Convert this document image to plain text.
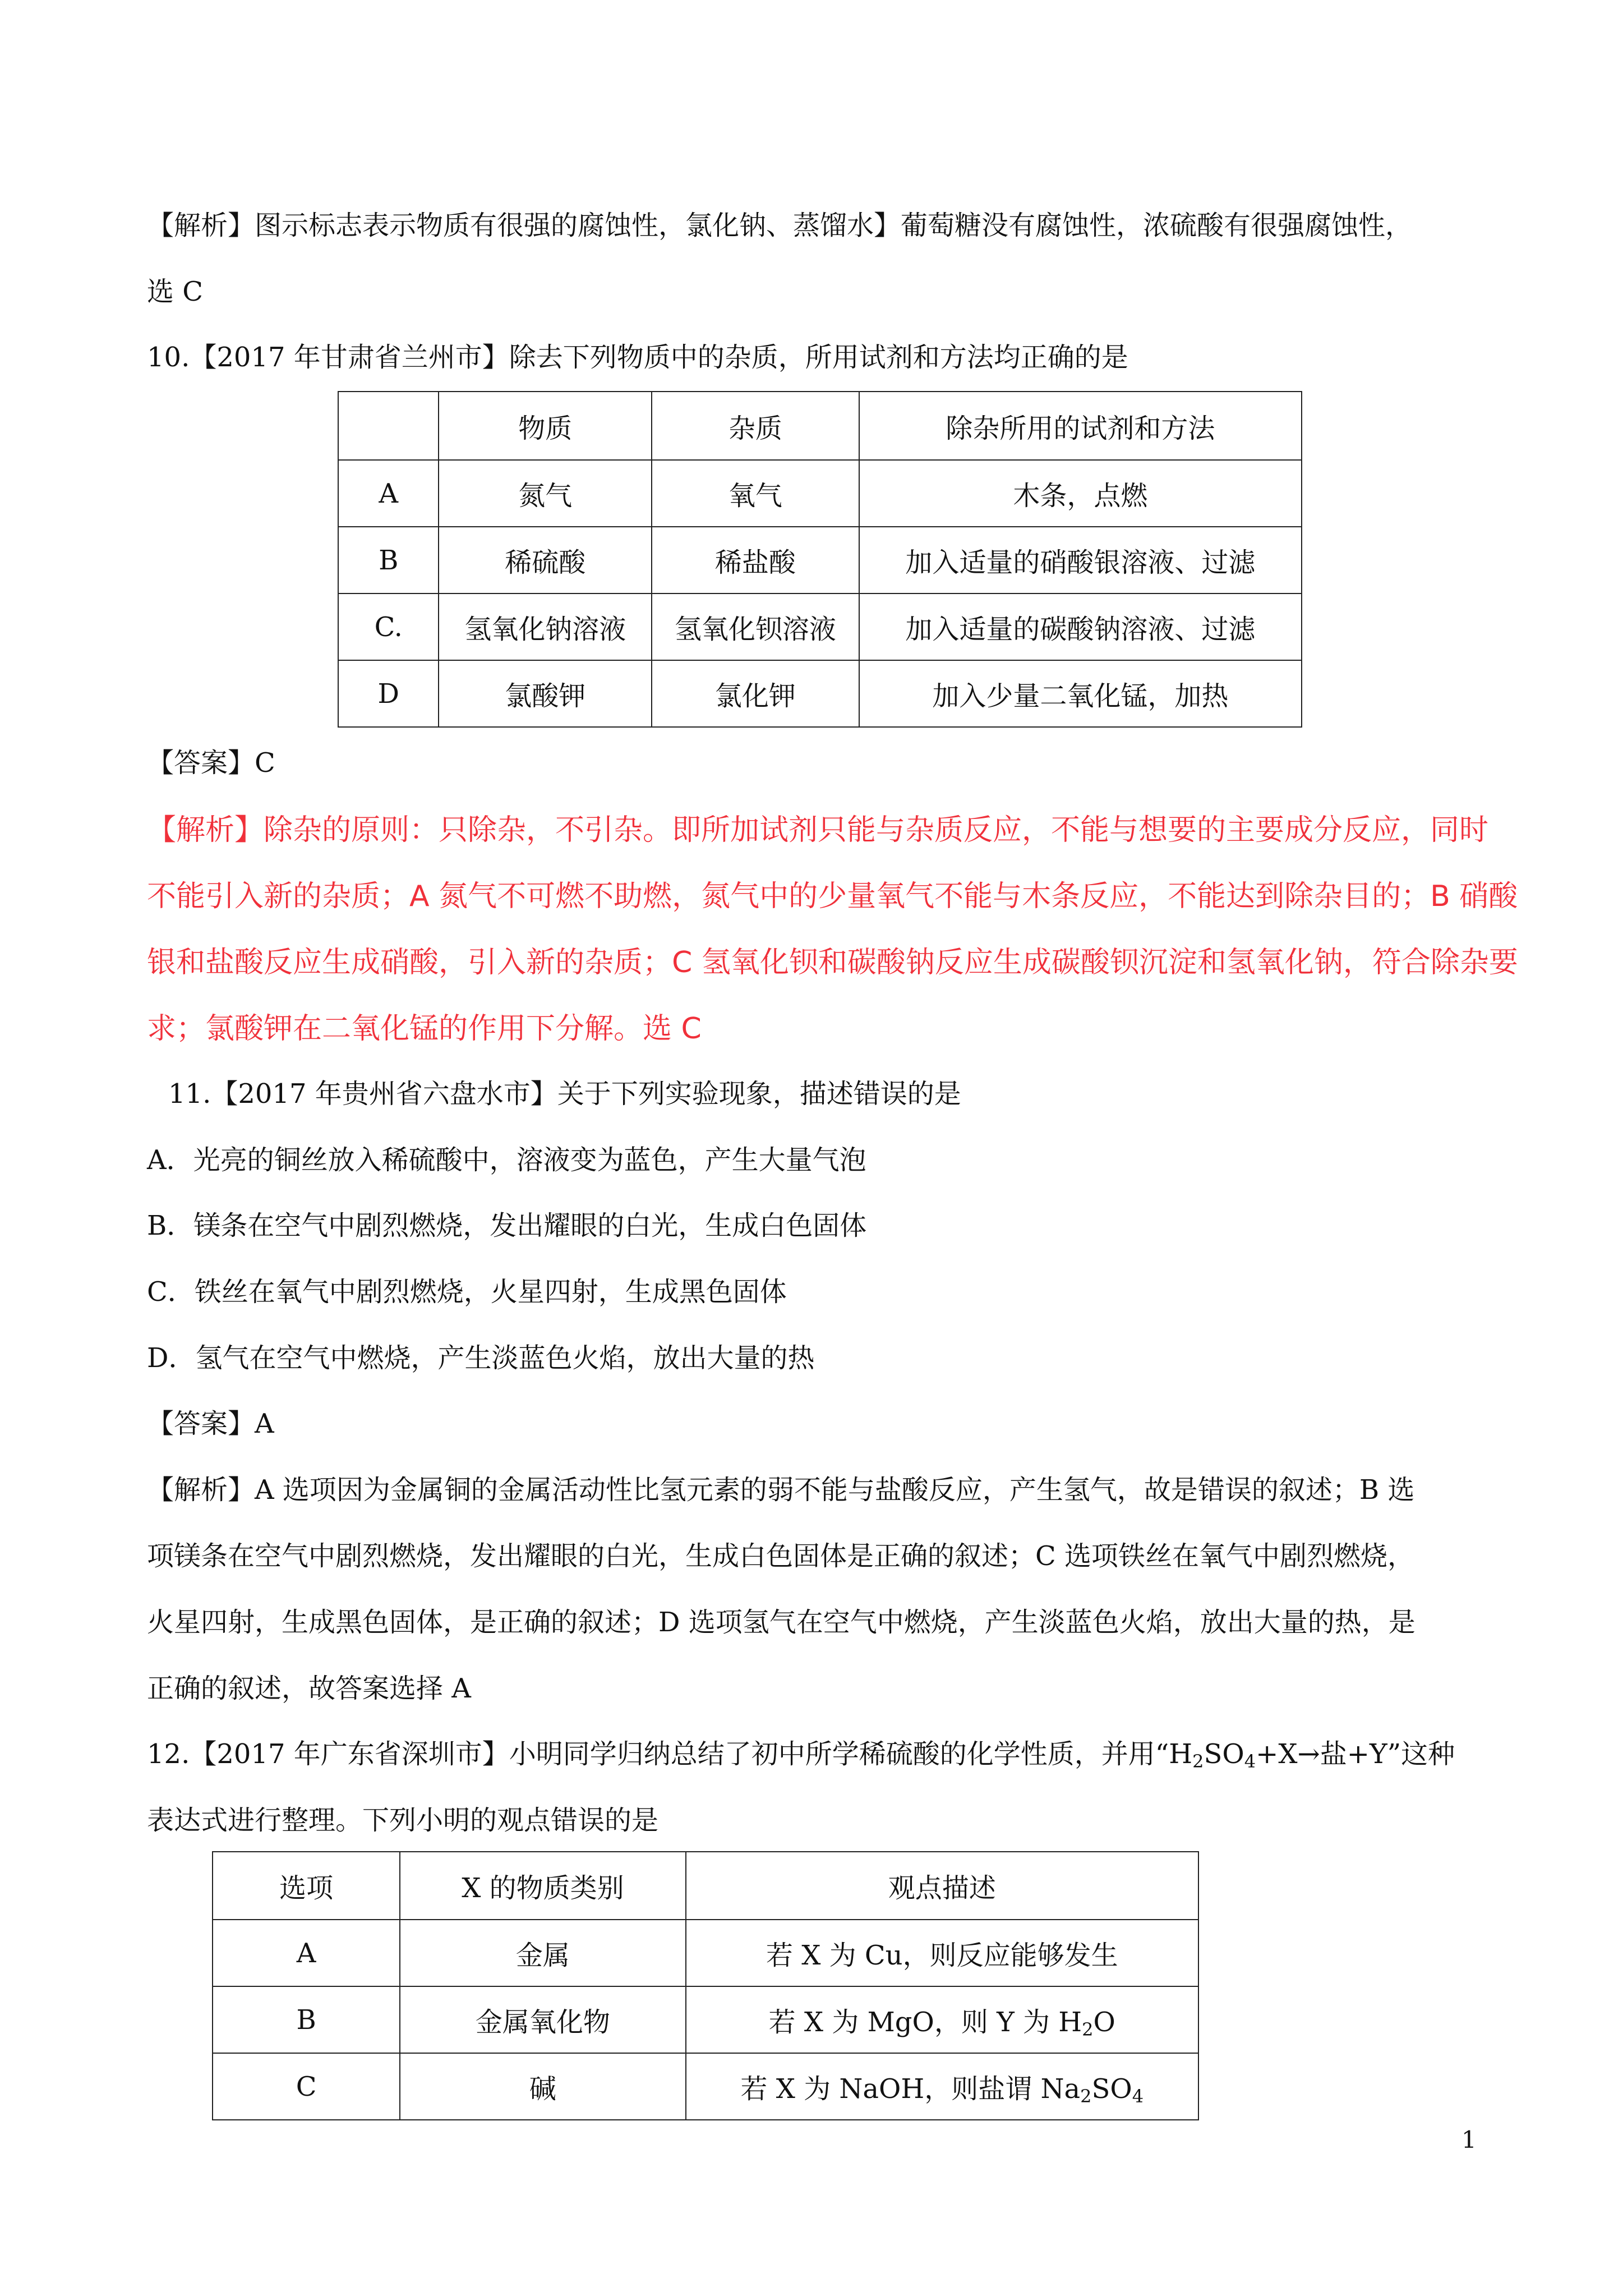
【解析】图示标志表示物质有很强的腐蚀性，氯化钠、蒸馏水】葡萄糖没有腐蚀性，浓硫酸有很强腐蚀性，
选 C
10.【2017 年甘肃省兰州市】除去下列物质中的杂质，所用试剂和方法均正确的是
	物质	杂质	除杂所用的试剂和方法
A	氮气	氧气	木条，点燃
B	稀硫酸	稀盐酸	加入适量的硝酸银溶液、过滤
C.	氢氧化钠溶液	氢氧化钡溶液	加入适量的碳酸钠溶液、过滤
D	氯酸钾	氯化钾	加入少量二氧化锰，加热
【答案】C
【解析】除杂的原则：只除杂，不引杂。即所加试剂只能与杂质反应，不能与想要的主要成分反应，同时
不能引入新的杂质；A 氮气不可燃不助燃，氮气中的少量氧气不能与木条反应，不能达到除杂目的；B 硝酸
银和盐酸反应生成硝酸，引入新的杂质；C 氢氧化钡和碳酸钠反应生成碳酸钡沉淀和氢氧化钠，符合除杂要
求；氯酸钾在二氧化锰的作用下分解。选 C
11.【2017 年贵州省六盘水市】关于下列实验现象，描述错误的是
A．光亮的铜丝放入稀硫酸中，溶液变为蓝色，产生大量气泡
B．镁条在空气中剧烈燃烧，发出耀眼的白光，生成白色固体
C．铁丝在氧气中剧烈燃烧，火星四射，生成黑色固体
D．氢气在空气中燃烧，产生淡蓝色火焰，放出大量的热
【答案】A
【解析】A 选项因为金属铜的金属活动性比氢元素的弱不能与盐酸反应，产生氢气，故是错误的叙述；B 选
项镁条在空气中剧烈燃烧，发出耀眼的白光，生成白色固体是正确的叙述；C 选项铁丝在氧气中剧烈燃烧，
火星四射，生成黑色固体，是正确的叙述；D 选项氢气在空气中燃烧，产生淡蓝色火焰，放出大量的热，是
正确的叙述，故答案选择 A
12.【2017 年广东省深圳市】小明同学归纳总结了初中所学稀硫酸的化学性质，并用“$H_2SO_4+X\to$盐+Y”这种
表达式进行整理。下列小明的观点错误的是
选项	X 的物质类别	观点描述
A	金属	若 X 为 Cu，则反应能够发生
B	金属氧化物	若 X 为 MgO，则 Y 为 $H_2O$
C	碱	若 X 为 NaOH，则盐谓 $Na_2SO_4$
1
